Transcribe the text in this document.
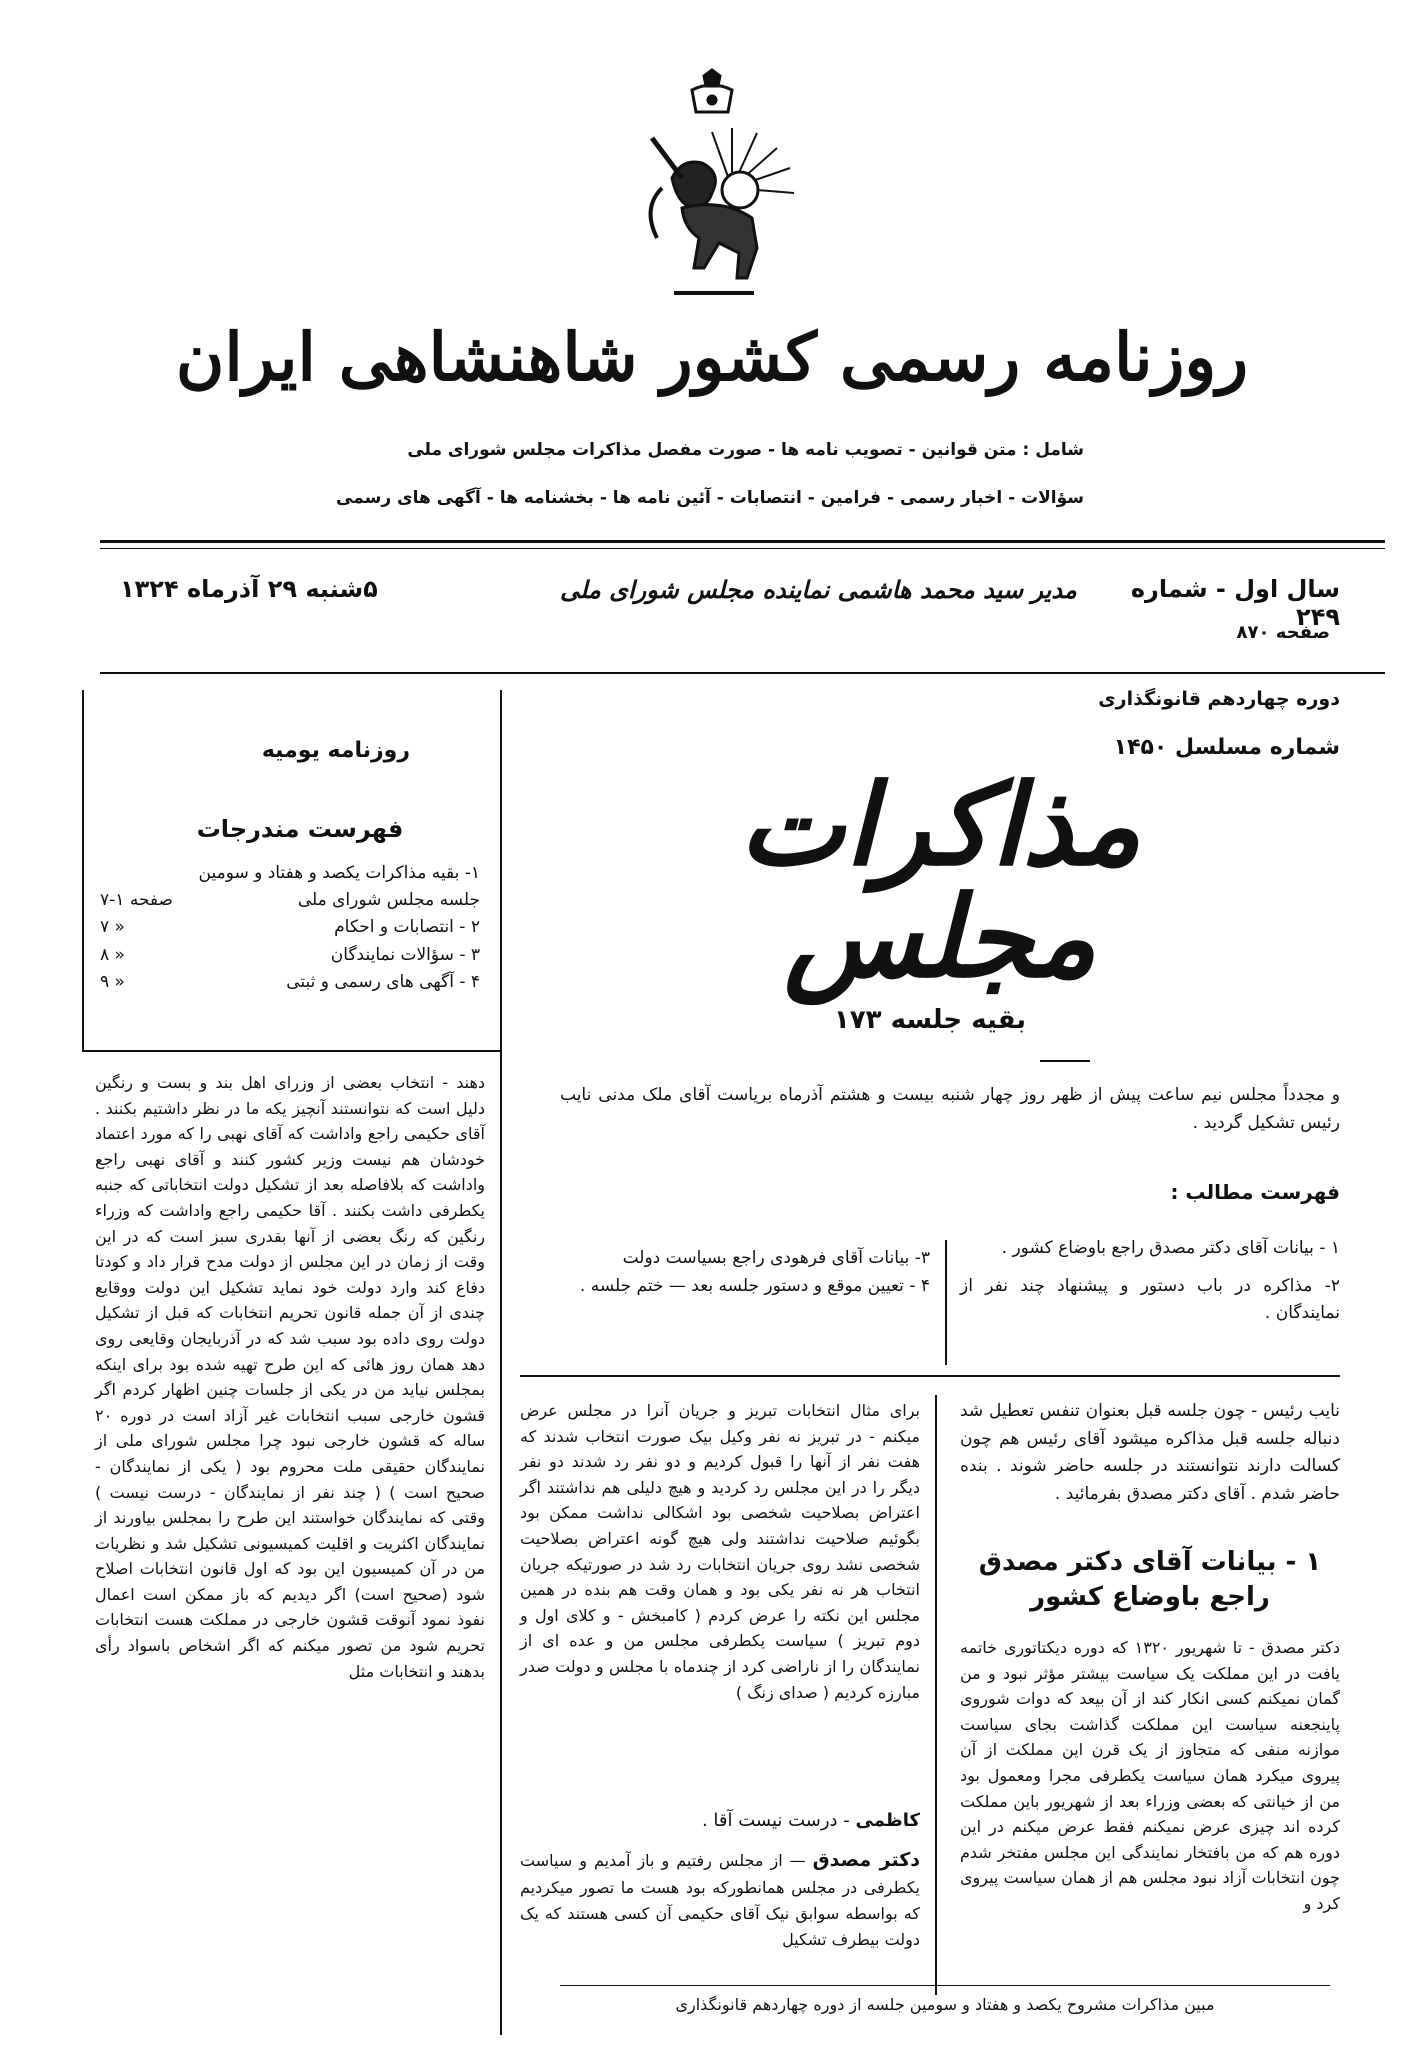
روزنامه رسمی کشور شاهنشاهی ایران
شامل : متن قوانین - تصویب نامه ها - صورت مفصل مذاکرات مجلس شورای ملی
سؤالات - اخبار رسمی - فرامین - انتصابات - آئین نامه ها - بخشنامه ها - آگهی های رسمی
۵شنبه ۲۹ آذرماه ۱۳۲۴	مدیر سید محمد هاشمی نماینده مجلس شورای ملی	سال اول - شماره ۲۴۹
صفحه ۸۷۰
روزنامه یومیه
فهرست مندرجات
۱- بقیه مذاکرات یکصد و هفتاد و سومین جلسه مجلس شورای ملی
صفحه ۱-۷
۲ - انتصابات و احکام
« ۷
۳ - سؤالات نمایندگان
« ۸
۴ - آگهی های رسمی و ثبتی
« ۹
دوره چهاردهم قانونگذاری
شماره مسلسل ۱۴۵۰
مذاکرات مجلس
بقیه جلسه ۱۷۳
و مجدداً مجلس نیم ساعت پیش از ظهر روز چهار شنبه بیست و هشتم آذرماه بریاست آقای ملک مدنی نایب رئیس تشکیل گردید .
فهرست مطالب :
۱ - بیانات آقای دکتر مصدق راجع باوضاع کشور .
۲- مذاکره در باب دستور و پیشنهاد چند نفر از نمایندگان .
۳- بیانات آقای فرهودی راجع بسیاست دولت
۴ - تعیین موقع و دستور جلسه بعد — ختم جلسه .
نایب رئیس - چون جلسه قبل بعنوان تنفس تعطیل شد دنباله جلسه قبل مذاکره میشود آقای رئیس هم چون کسالت دارند نتوانستند در جلسه حاضر شوند . بنده حاضر شدم . آقای دکتر مصدق بفرمائید .
۱ - بیانات آقای دکتر مصدق راجع باوضاع کشور
دکتر مصدق - تا شهریور ۱۳۲۰ که دوره دیکتاتوری خاتمه یافت در این مملکت یک سیاست بیشتر مؤثر نبود و من گمان نمیکنم کسی انکار کند از آن بیعد که دوات شوروی پاینجعنه سیاست این مملکت گذاشت بجای سیاست موازنه منفی که متجاوز از یک قرن این مملکت از آن پیروی میکرد همان سیاست یکطرفی مجرا ومعمول بود من از خیانتی که بعضی وزراء بعد از شهریور باین مملکت کرده اند چیزی عرض نمیکنم فقط عرض میکنم در این دوره هم که من بافتخار نمایندگی این مجلس مفتخر شدم چون انتخابات آزاد نبود مجلس هم از همان سیاست پیروی کرد و
برای مثال انتخابات تبریز و جریان آنرا در مجلس عرض میکنم - در تبریز نه نفر وکیل بیک صورت انتخاب شدند که هفت نفر از آنها را قبول کردیم و دو نفر رد شدند دو نفر دیگر را در این مجلس رد کردید و هیچ دلیلی هم نداشتند اگر اعتراض بصلاحیت شخصی بود اشکالی نداشت ممکن بود بگوئیم صلاحیت نداشتند ولی هیچ گونه اعتراض بصلاحیت شخصی نشد روی جریان انتخابات رد شد در صورتیکه جریان انتخاب هر نه نفر یکی بود و همان وقت هم بنده در همین مجلس این نکته را عرض کردم ( کامبخش - و کلای اول و دوم تبریز ) سیاست یکطرفی مجلس من و عده ای از نمایندگان را از ناراضی کرد از چندماه با مجلس و دولت صدر مبارزه کردیم ( صدای زنگ )
کاظمی - درست نیست آقا .
دکتر مصدق — از مجلس رفتیم و باز آمدیم و سیاست یکطرفی در مجلس همانطورکه بود هست ما تصور میکردیم که بواسطه سوابق نیک آقای حکیمی آن کسی هستند که یک دولت بیطرف تشکیل
دهند - انتخاب بعضی از وزرای اهل بند و بست و رنگین دلیل است که نتوانستند آنچیز یکه ما در نظر داشتیم بکنند . آقای حکیمی راجع واداشت که آقای نهبی را که مورد اعتماد خودشان هم نیست وزیر کشور کنند و آقای نهبی راجع واداشت که بلافاصله بعد از تشکیل دولت انتخاباتی که جنبه یکطرفی داشت بکنند . آقا حکیمی راجع واداشت که وزراء رنگین که رنگ بعضی از آنها بقدری سبز است که در این وقت از زمان در این مجلس از دولت مدح قرار داد و کودتا دفاع کند وارد دولت خود نماید تشکیل این دولت ووقایع چندی از آن جمله قانون تحریم انتخابات که قبل از تشکیل دولت روی داده بود سبب شد که در آذربایجان وقایعی روی دهد همان روز هائی که این طرح تهیه شده بود برای اینکه بمجلس نیاید من در یکی از جلسات چنین اظهار کردم اگر قشون خارجی سبب انتخابات غیر آزاد است در دوره ۲۰ ساله که قشون خارجی نبود چرا مجلس شورای ملی از نمایندگان حقیقی ملت محروم بود ( یکی از نمایندگان - صحیح است ) ( چند نفر از نمایندگان - درست نیست ) وقتی که نمایندگان خواستند این طرح را بمجلس بیاورند از نمایندگان اکثریت و اقلیت کمیسیونی تشکیل شد و نظریات من در آن کمیسیون این بود که اول قانون انتخابات اصلاح شود (صحیح است) اگر دیدیم که باز ممکن است اعمال نفوذ نمود آنوقت قشون خارجی در مملکت هست انتخابات تحریم شود من تصور میکنم که اگر اشخاص باسواد رأی بدهند و انتخابات مثل
مبین مذاکرات مشروح یکصد و هفتاد و سومین جلسه از دوره چهاردهم قانونگذاری
